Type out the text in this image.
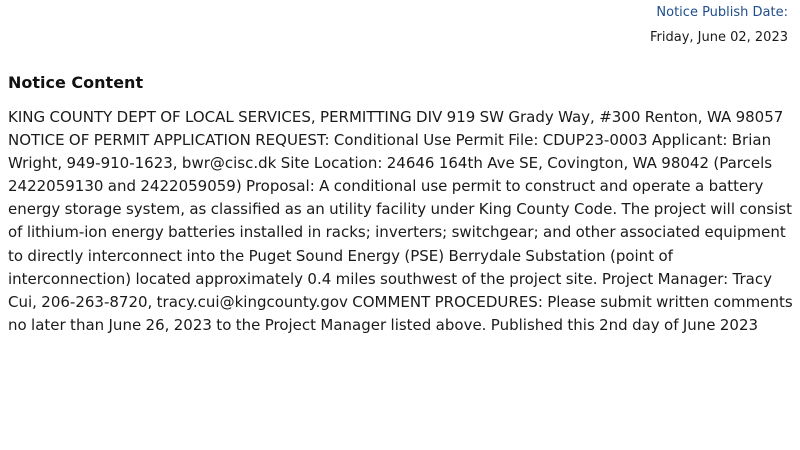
Notice Publish Date:
Friday, June 02, 2023
Notice Content

KING COUNTY DEPT OF LOCAL SERVICES, PERMITTING DIV 919 SW Grady Way, #300 Renton, WA 98057 NOTICE OF PERMIT APPLICATION REQUEST: Conditional Use Permit File: CDUP23-0003 Applicant: Brian Wright, 949-910-1623, bwr@cisc.dk Site Location: 24646 164th Ave SE, Covington, WA 98042 (Parcels 2422059130 and 2422059059) Proposal: A conditional use permit to construct and operate a battery energy storage system, as classified as an utility facility under King County Code. The project will consist of lithium-ion energy batteries installed in racks; inverters; switchgear; and other associated equipment to directly interconnect into the Puget Sound Energy (PSE) Berrydale Substation (point of interconnection) located approximately 0.4 miles southwest of the project site. Project Manager: Tracy Cui, 206-263-8720, tracy.cui@kingcounty.gov COMMENT PROCEDURES: Please submit written comments no later than June 26, 2023 to the Project Manager listed above. Published this 2nd day of June 2023
